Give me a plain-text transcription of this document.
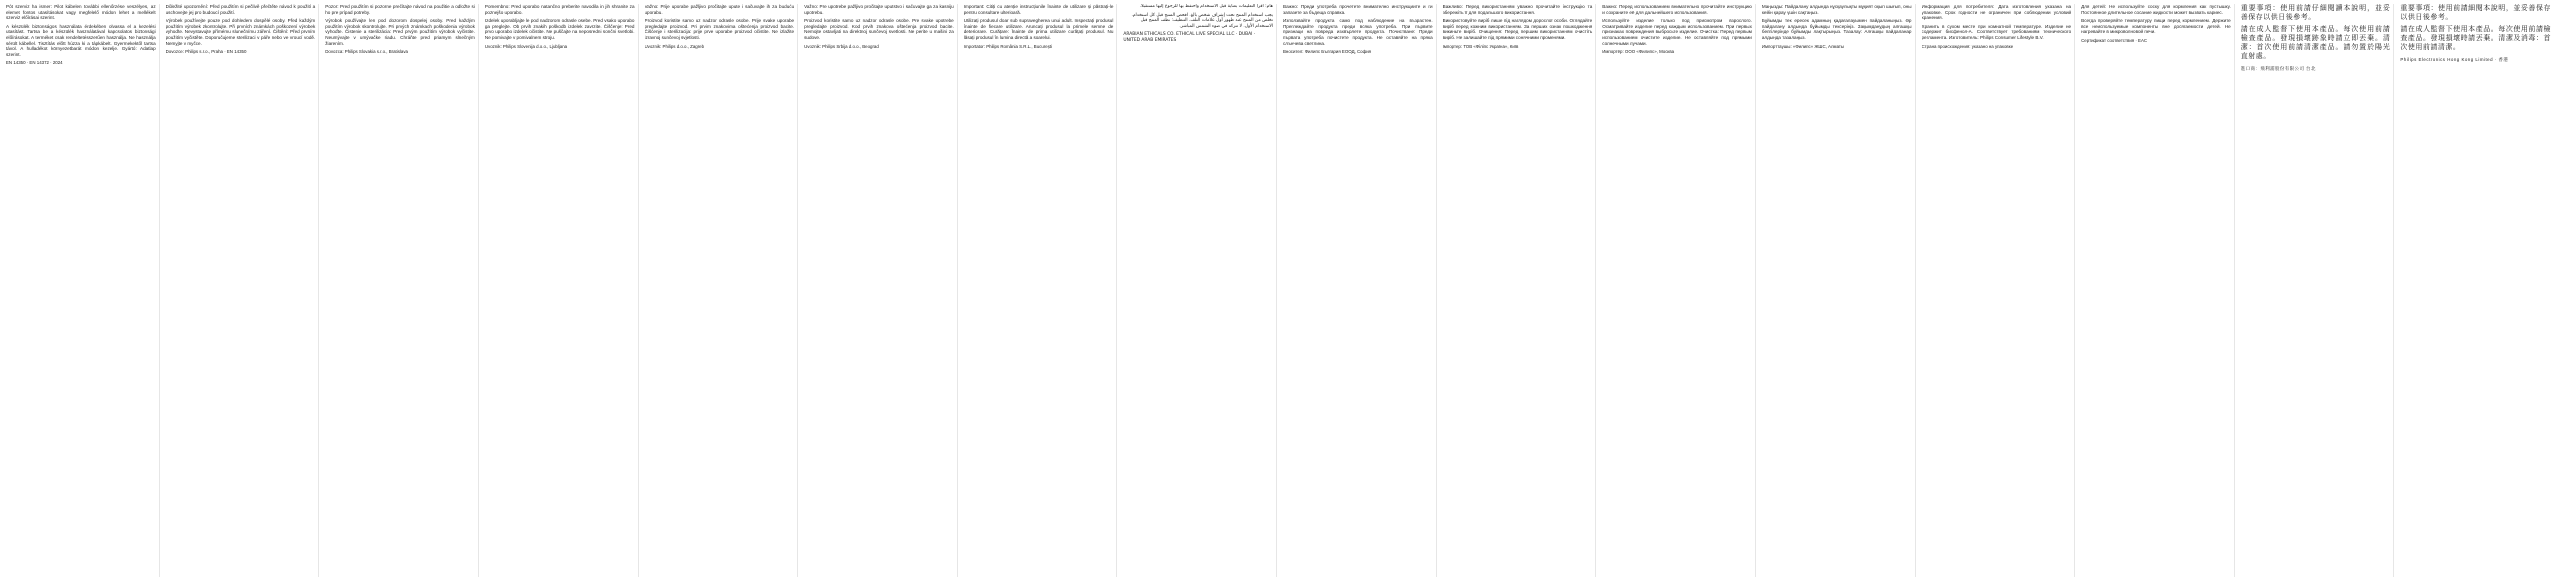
Pót szerviz ha ismer: Pilot kábelen további ellenőrzése veszélyes, az elemet fontos utasításokat vagy megfelelő módon lehet a mellékelt szerviz előírásai szerint.

A készülék biztonságos használata érdekében olvassa el a kezelési utasítást. Tartsa be a készülék használatával kapcsolatos biztonsági előírásokat. A terméket csak rendeltetésszerűen használja. Ne használja sérült kábellel. Tisztítás előtt húzza ki a tápkábelt. Gyermekektől tartsa távol. A hulladékot környezetbarát módon kezelje. Gyártó: Adatlap szerint.

EN 14350 · EN 14372 · 2024

Důležité upozornění: Před použitím si pečlivě přečtěte návod k použití a uschovejte jej pro budoucí použití.

Výrobek používejte pouze pod dohledem dospělé osoby. Před každým použitím výrobek zkontrolujte. Při prvních známkách poškození výrobek vyhoďte. Nevystavujte přímému slunečnímu záření. Čištění: Před prvním použitím vyčistěte. Doporučujeme sterilizaci v páře nebo ve vroucí vodě. Nemyjte v myčce.

Dovozce: Philips s.r.o., Praha · EN 14350

Pozor: Pred použitím si pozorne prečítajte návod na použitie a odložte si ho pre prípad potreby.

Výrobok používajte len pod dozorom dospelej osoby. Pred každým použitím výrobok skontrolujte. Pri prvých známkach poškodenia výrobok vyhoďte. Čistenie a sterilizácia: Pred prvým použitím výrobok vyčistite. Neumývajte v umývačke riadu. Chráňte pred priamym slnečným žiarením.

Dovozca: Philips Slovakia s.r.o., Bratislava

Pomembno: Pred uporabo natančno preberite navodila in jih shranite za poznejšo uporabo.

Izdelek uporabljajte le pod nadzorom odrasle osebe. Pred vsako uporabo ga preglejte. Ob prvih znakih poškodb izdelek zavrzite. Čiščenje: Pred prvo uporabo izdelek očistite. Ne puščajte na neposredni sončni svetlobi. Ne pomivajte v pomivalnem stroju.

Uvoznik: Philips Slovenija d.o.o., Ljubljana

Važno: Prije uporabe pažljivo pročitajte upute i sačuvajte ih za buduću uporabu.

Proizvod koristite samo uz nadzor odrasle osobe. Prije svake uporabe pregledajte proizvod. Pri prvim znakovima oštećenja proizvod bacite. Čišćenje i sterilizacija: prije prve uporabe proizvod očistite. Ne izlažite izravnoj sunčevoj svjetlosti.

Uvoznik: Philips d.o.o., Zagreb

Važno: Pre upotrebe pažljivo pročitajte uputstvo i sačuvajte ga za kasniju upotrebu.

Proizvod koristite samo uz nadzor odrasle osobe. Pre svake upotrebe pregledajte proizvod. Kod prvih znakova oštećenja proizvod bacite. Nemojte ostavljati na direktnoj sunčevoj svetlosti. Ne perite u mašini za sudove.

Uvoznik: Philips Srbija d.o.o., Beograd

Important: Citiți cu atenție instrucțiunile înainte de utilizare și păstrați-le pentru consultare ulterioară.

Utilizați produsul doar sub supravegherea unui adult. Inspectați produsul înainte de fiecare utilizare. Aruncați produsul la primele semne de deteriorare. Curățare: Înainte de prima utilizare curățați produsul. Nu lăsați produsul în lumina directă a soarelui.

Importator: Philips România S.R.L., București

هام: اقرأ التعليمات بعناية قبل الاستخدام واحتفظ بها للرجوع إليها مستقبلاً.

يجب استخدام المنتج تحت إشراف شخص بالغ. افحص المنتج قبل كل استخدام. تخلص من المنتج عند ظهور أول علامات التلف. التنظيف: نظف المنتج قبل الاستخدام الأول. لا تتركه في ضوء الشمس المباشر.

ARABIAN ETHICALS CO. ETHICAL LIVE SPECIAL LLC · DUBAI · UNITED ARAB EMIRATES

Важно: Преди употреба прочетете внимателно инструкциите и ги запазете за бъдеща справка.

Използвайте продукта само под наблюдение на възрастен. Преглеждайте продукта преди всяка употреба. При първите признаци на повреда изхвърлете продукта. Почистване: Преди първата употреба почистете продукта. Не оставяйте на пряка слънчева светлина.

Вносител: Филипс България ЕООД, София

Важливо: Перед використанням уважно прочитайте інструкцію та збережіть її для подальшого використання.

Використовуйте виріб лише під наглядом дорослої особи. Оглядайте виріб перед кожним використанням. За перших ознак пошкодження викиньте виріб. Очищення: Перед першим використанням очистіть виріб. Не залишайте під прямими сонячними променями.

Імпортер: ТОВ «Філіпс Україна», Київ

Важно: Перед использованием внимательно прочитайте инструкцию и сохраните её для дальнейшего использования.

Используйте изделие только под присмотром взрослого. Осматривайте изделие перед каждым использованием. При первых признаках повреждения выбросьте изделие. Очистка: Перед первым использованием очистите изделие. Не оставляйте под прямыми солнечными лучами.

Импортёр: ООО «Филипс», Москва

Маңызды: Пайдалану алдында нұсқаулықты мұқият оқып шығып, оны кейін қарау үшін сақтаңыз.

Бұйымды тек ересек адамның қадағалауымен пайдаланыңыз. Әр пайдалану алдында бұйымды тексеріңіз. Зақымданудың алғашқы белгілерінде бұйымды лақтырыңыз. Тазалау: Алғашқы пайдаланар алдында тазалаңыз.

Импорттаушы: «Филипс» ЖШС, Алматы

Информация для потребителя: Дата изготовления указана на упаковке. Срок годности не ограничен при соблюдении условий хранения.

Хранить в сухом месте при комнатной температуре. Изделие не содержит бисфенол-А. Соответствует требованиям технического регламента. Изготовитель: Philips Consumer Lifestyle B.V.

Страна происхождения: указано на упаковке

Для детей: Не используйте соску для кормления как пустышку. Постоянное длительное сосание жидкости может вызвать кариес.

Всегда проверяйте температуру пищи перед кормлением. Держите все неиспользуемые компоненты вне досягаемости детей. Не нагревайте в микроволновой печи.

Сертификат соответствия · ЕАС

重要事項：使用前請仔細閱讀本說明，並妥善保存以供日後參考。

請在成人監督下使用本產品。每次使用前請檢查產品。發現損壞跡象時請立即丟棄。清潔：首次使用前請清潔產品。請勿置於陽光直射處。

進口商：飛利浦股份有限公司 台北

重要事項：使用前請細閱本說明，並妥善保存以供日後參考。

請在成人監督下使用本產品。每次使用前請檢查產品。發現損壞時請丟棄。清潔及消毒：首次使用前請清潔。

Philips Electronics Hong Kong Limited · 香港
